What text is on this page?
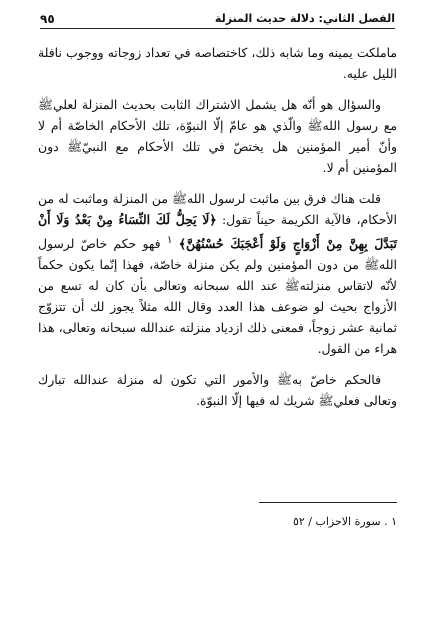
الفصل الثاني: دلالة حديث المنزلة
٩٥

ماملكت يمينه وما شابه ذلك، كاختصاصه في تعداد زوجاته ووجوب نافلة الليل عليه.

والسؤال هو أنّه هل يشمل الاشتراك الثابت بحديث المنزلة لعليﷺ مع رسول اللهﷺ والّذي هو عامّ إلّا النبوّة، تلك الأحكام الخاصّة أم لا وأنّ أمير المؤمنين هل يختصّ في تلك الأحكام مع النبيّﷺ دون المؤمنين أم لا.

قلت هناك فرق بين ماثبت لرسول اللهﷺ من المنزلة وماثبت له من الأحكام، فالآية الكريمة حيناً تقول: ﴿لَا يَحِلُّ لَكَ النِّسَاءُ مِنْ بَعْدُ وَلَا أَنْ تَبَدَّلَ بِهِنَّ مِنْ أَزْوَاجٍ وَلَوْ أَعْجَبَكَ حُسْنُهُنَّ﴾ $^١$ فهو حكم خاصّ لرسول اللهﷺ من دون المؤمنين ولم يكن منزلة خاصّة، فهذا إنّما يكون حكماً لأنّه لاتقاس منزلتهﷺ عند الله سبحانه وتعالى بأن كان له تسع من الأزواج بحيث لو ضوعف هذا العدد وقال الله مثلاً يجوز لك أن تتزوّج ثمانية عشر زوجاً، فمعنى ذلك ازدياد منزلته عندالله سبحانه وتعالى، هذا هراء من القول.

فالحكم خاصّ بهﷺ والأمور التي تكون له منزلة عندالله تبارك وتعالى فعليﷺ شريك له فيها إلّا النبوّة.

١ . سورة الاحزاب / ٥٢
